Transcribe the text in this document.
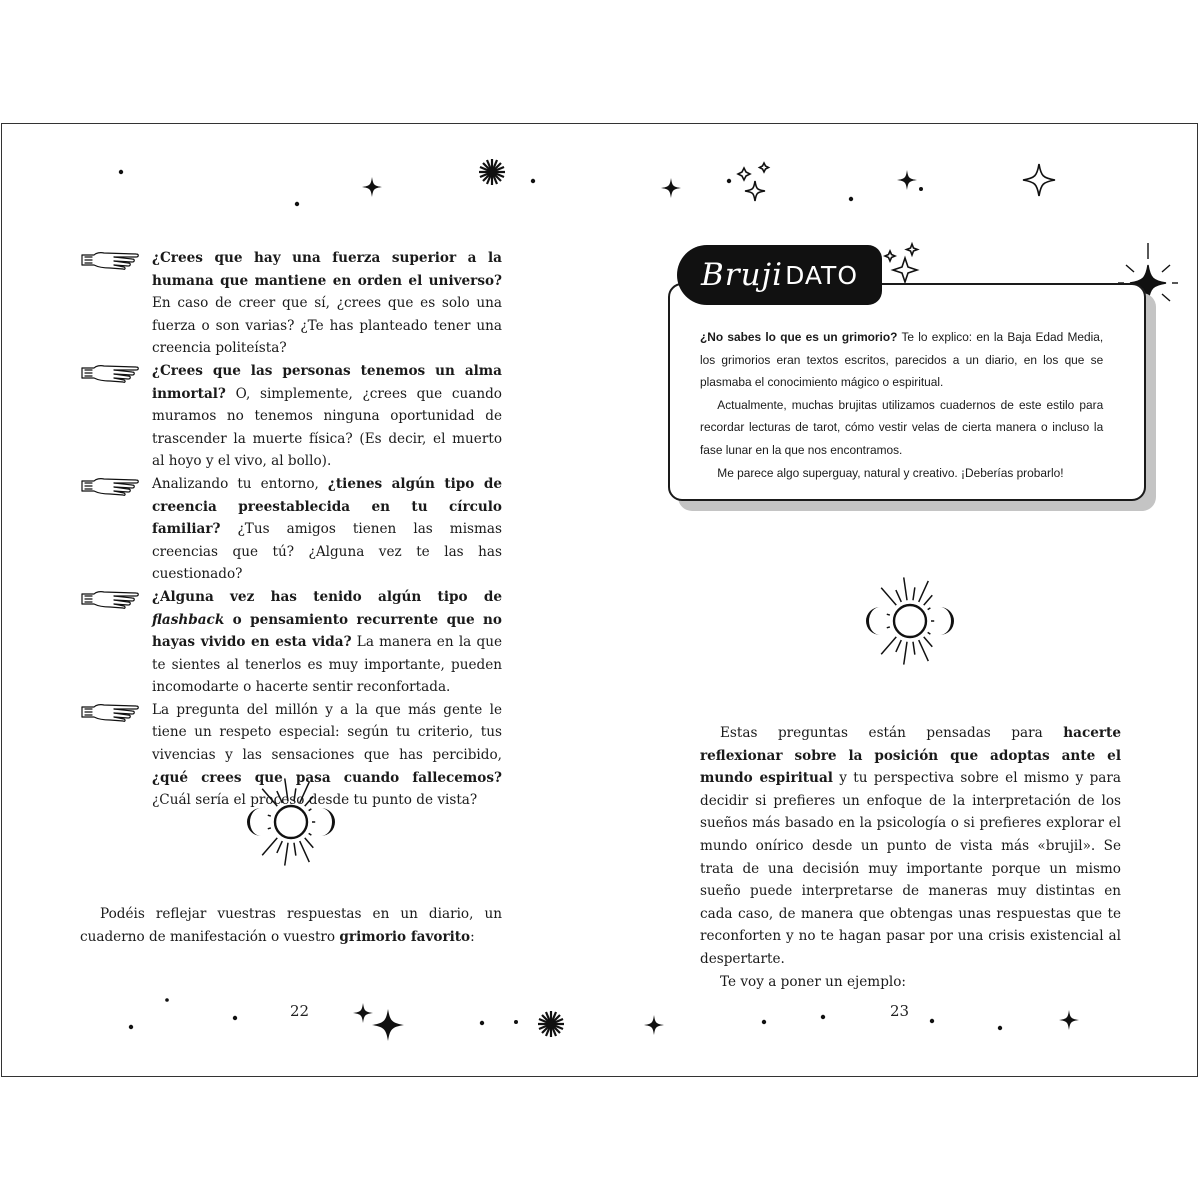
¿Crees que hay una fuerza superior a la humana que mantiene en orden el universo? En caso de creer que sí, ¿crees que es solo una fuerza o son varias? ¿Te has planteado tener una creencia politeísta?
¿Crees que las personas tenemos un alma inmortal? O, simplemente, ¿crees que cuando muramos no tenemos ninguna oportunidad de trascender la muerte física? (Es decir, el muerto al hoyo y el vivo, al bollo).
Analizando tu entorno, ¿tienes algún tipo de creencia preestablecida en tu círculo familiar? ¿Tus amigos tienen las mismas creencias que tú? ¿Alguna vez te las has cuestionado?
¿Alguna vez has tenido algún tipo de flashback o pensamiento recurrente que no hayas vivido en esta vida? La manera en la que te sientes al tenerlos es muy importante, pueden incomodarte o hacerte sentir reconfortada.
La pregunta del millón y a la que más gente le tiene un respeto especial: según tu criterio, tus vivencias y las sensaciones que has percibido, ¿qué crees que pasa cuando fallecemos? ¿Cuál sería el proceso desde tu punto de vista?

Podéis reflejar vuestras respuestas en un diario, un cuaderno de manifestación o vuestro grimorio favorito:

22
Bruji DATO

¿No sabes lo que es un grimorio? Te lo explico: en la Baja Edad Media, los grimorios eran textos escritos, parecidos a un diario, en los que se plasmaba el conocimiento mágico o espiritual.

Actualmente, muchas brujitas utilizamos cuadernos de este estilo para recordar lecturas de tarot, cómo vestir velas de cierta manera o incluso la fase lunar en la que nos encontramos.

Me parece algo superguay, natural y creativo. ¡Deberías probarlo!

Estas preguntas están pensadas para hacerte reflexionar sobre la posición que adoptas ante el mundo espiritual y tu perspectiva sobre el mismo y para decidir si prefieres un enfoque de la interpretación de los sueños más basado en la psicología o si prefieres explorar el mundo onírico desde un punto de vista más «brujil». Se trata de una decisión muy importante porque un mismo sueño puede interpretarse de maneras muy distintas en cada caso, de manera que obtengas unas respuestas que te reconforten y no te hagan pasar por una crisis existencial al despertarte.

Te voy a poner un ejemplo:

23
